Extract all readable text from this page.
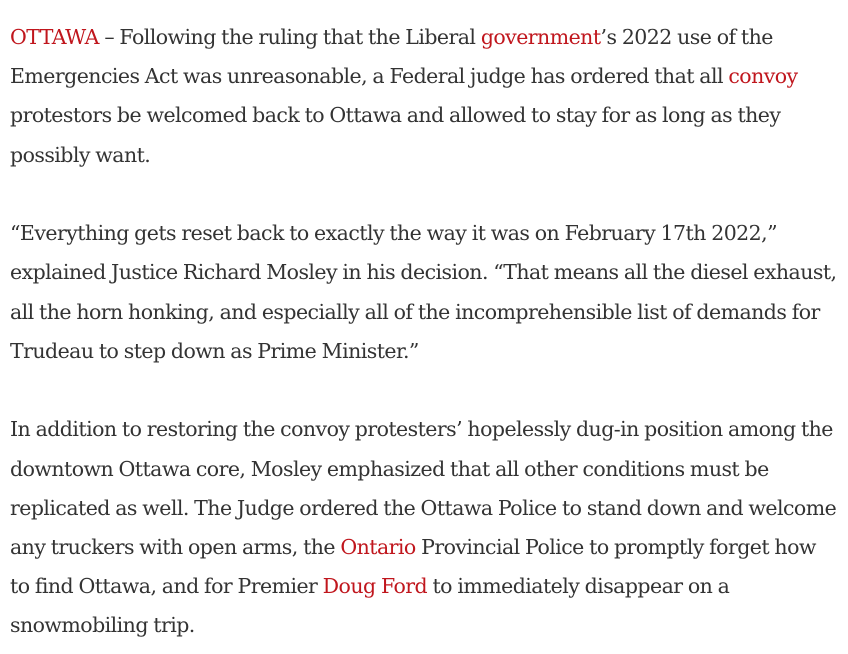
OTTAWA – Following the ruling that the Liberal government’s 2022 use of the Emergencies Act was unreasonable, a Federal judge has ordered that all convoy protestors be welcomed back to Ottawa and allowed to stay for as long as they possibly want.

“Everything gets reset back to exactly the way it was on February 17th 2022,” explained Justice Richard Mosley in his decision. “That means all the diesel exhaust, all the horn honking, and especially all of the incomprehensible list of demands for Trudeau to step down as Prime Minister.”

In addition to restoring the convoy protesters’ hopelessly dug-in position among the downtown Ottawa core, Mosley emphasized that all other conditions must be replicated as well. The Judge ordered the Ottawa Police to stand down and welcome any truckers with open arms, the Ontario Provincial Police to promptly forget how to find Ottawa, and for Premier Doug Ford to immediately disappear on a snowmobiling trip.
